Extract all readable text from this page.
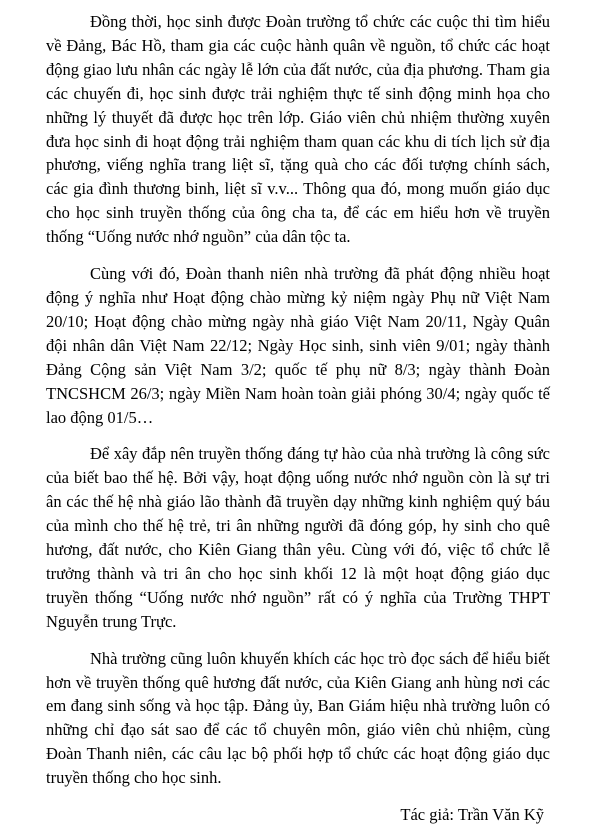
Đồng thời, học sinh được Đoàn trường tổ chức các cuộc thi tìm hiểu về Đảng, Bác Hồ, tham gia các cuộc hành quân về nguồn, tổ chức các hoạt động giao lưu nhân các ngày lễ lớn của đất nước, của địa phương. Tham gia các chuyến đi, học sinh được trải nghiệm thực tế sinh động minh họa cho những lý thuyết đã được học trên lớp. Giáo viên chủ nhiệm thường xuyên đưa học sinh đi hoạt động trải nghiệm tham quan các khu di tích lịch sử địa phương, viếng nghĩa trang liệt sĩ, tặng quà cho các đối tượng chính sách, các gia đình thương binh, liệt sĩ v.v... Thông qua đó, mong muốn giáo dục cho học sinh truyền thống của ông cha ta, để các em hiểu hơn về truyền thống “Uống nước nhớ nguồn” của dân tộc ta.

Cùng với đó, Đoàn thanh niên nhà trường đã phát động nhiều hoạt động ý nghĩa như Hoạt động chào mừng kỷ niệm ngày Phụ nữ Việt Nam 20/10; Hoạt động chào mừng ngày nhà giáo Việt Nam 20/11, Ngày Quân đội nhân dân Việt Nam 22/12; Ngày Học sinh, sinh viên 9/01; ngày thành Đảng Cộng sản Việt Nam 3/2; quốc tế phụ nữ 8/3; ngày thành Đoàn TNCSHCM 26/3; ngày Miền Nam hoàn toàn giải phóng 30/4; ngày quốc tế lao động 01/5…

Để xây đắp nên truyền thống đáng tự hào của nhà trường là công sức của biết bao thế hệ. Bởi vậy, hoạt động uống nước nhớ nguồn còn là sự tri ân các thế hệ nhà giáo lão thành đã truyền dạy những kinh nghiệm quý báu của mình cho thế hệ trẻ, tri ân những người đã đóng góp, hy sinh cho quê hương, đất nước, cho Kiên Giang thân yêu. Cùng với đó, việc tổ chức lễ trưởng thành và tri ân cho học sinh khối 12 là một hoạt động giáo dục truyền thống “Uống nước nhớ nguồn” rất có ý nghĩa của Trường THPT Nguyễn trung Trực.

Nhà trường cũng luôn khuyến khích các học trò đọc sách để hiểu biết hơn về truyền thống quê hương đất nước, của Kiên Giang anh hùng nơi các em đang sinh sống và học tập. Đảng ủy, Ban Giám hiệu nhà trường luôn có những chỉ đạo sát sao để các tổ chuyên môn, giáo viên chủ nhiệm, cùng Đoàn Thanh niên, các câu lạc bộ phối hợp tổ chức các hoạt động giáo dục truyền thống cho học sinh.

Tác giả: Trần Văn Kỹ
